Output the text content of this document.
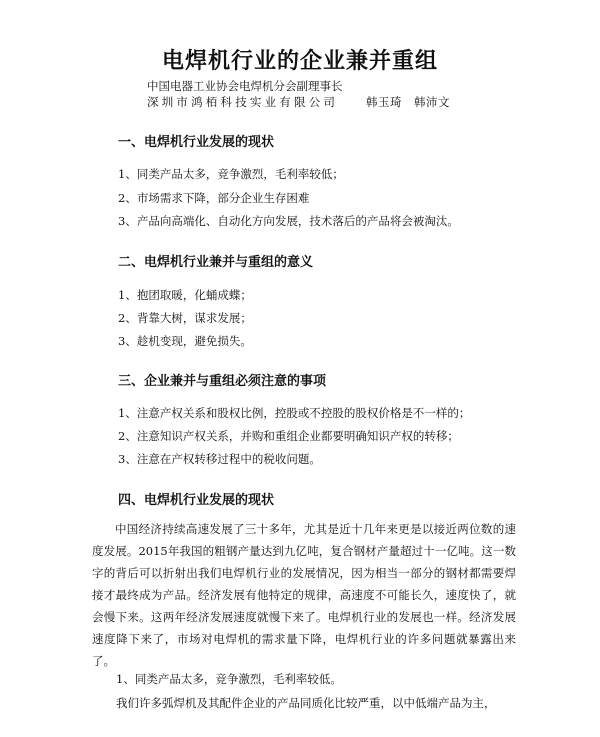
电焊机行业的企业兼并重组
中国电器工业协会电焊机分会副理事长
深圳市鸿栢科技实业有限公司	韩玉琦　韩沛文
一、电焊机行业发展的现状
1、同类产品太多，竞争激烈，毛利率较低；
2、市场需求下降，部分企业生存困难
3、产品向高端化、自动化方向发展，技术落后的产品将会被淘汰。
二、电焊机行业兼并与重组的意义
1、抱团取暖，化蛹成蝶；
2、背靠大树，谋求发展；
3、趁机变现，避免损失。
三、企业兼并与重组必须注意的事项
1、注意产权关系和股权比例，控股或不控股的股权价格是不一样的；
2、注意知识产权关系，并购和重组企业都要明确知识产权的转移；
3、注意在产权转移过程中的税收问题。
四、电焊机行业发展的现状
中国经济持续高速发展了三十多年，尤其是近十几年来更是以接近两位数的速度发展。2015年我国的粗钢产量达到九亿吨，复合钢材产量超过十一亿吨。这一数字的背后可以折射出我们电焊机行业的发展情况，因为相当一部分的钢材都需要焊接才最终成为产品。经济发展有他特定的规律，高速度不可能长久，速度快了，就会慢下来。这两年经济发展速度就慢下来了。电焊机行业的发展也一样。经济发展速度降下来了，市场对电焊机的需求量下降，电焊机行业的许多问题就暴露出来了。
1、同类产品太多，竞争激烈，毛利率较低。
我们许多弧焊机及其配件企业的产品同质化比较严重，以中低端产品为主，
